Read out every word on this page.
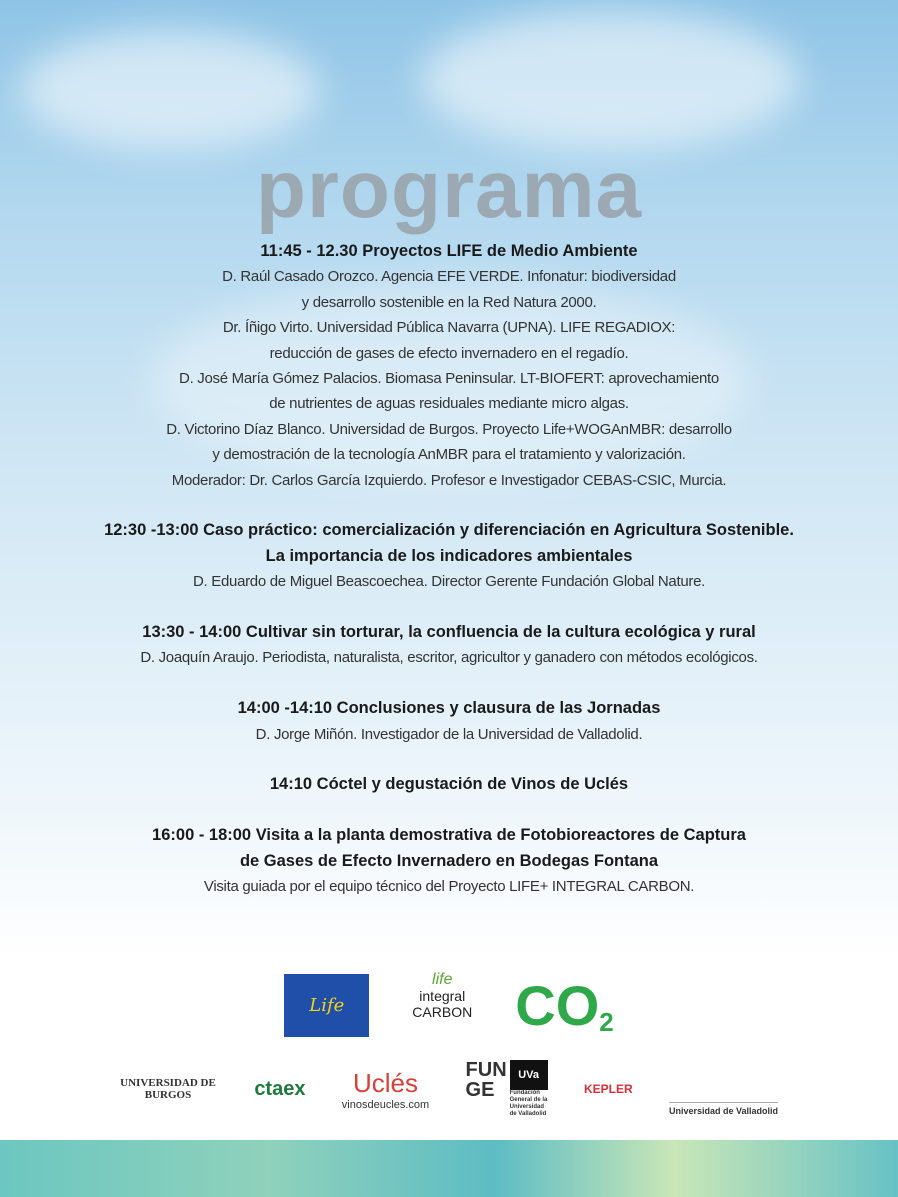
programa
11:45 - 12.30 Proyectos LIFE de Medio Ambiente
D. Raúl Casado Orozco. Agencia EFE VERDE. Infonatur: biodiversidad
y desarrollo sostenible en la Red Natura 2000.
Dr. Íñigo Virto. Universidad Pública Navarra (UPNA). LIFE REGADIOX:
reducción de gases de efecto invernadero en el regadío.
D. José María Gómez Palacios. Biomasa Peninsular. LT-BIOFERT: aprovechamiento
de nutrientes de aguas residuales mediante micro algas.
D. Victorino Díaz Blanco. Universidad de Burgos. Proyecto Life+WOGAnMBR: desarrollo
y demostración de la tecnología AnMBR para el tratamiento y valorización.
Moderador: Dr. Carlos García Izquierdo. Profesor e Investigador CEBAS-CSIC, Murcia.
12:30 -13:00 Caso práctico: comercialización y diferenciación en Agricultura Sostenible.
La importancia de los indicadores ambientales
D. Eduardo de Miguel Beascoechea. Director Gerente Fundación Global Nature.
13:30 - 14:00 Cultivar sin torturar, la confluencia de la cultura ecológica y rural
D. Joaquín Araujo. Periodista, naturalista, escritor, agricultor y ganadero con métodos ecológicos.
14:00 -14:10 Conclusiones y clausura de las Jornadas
D. Jorge Miñón. Investigador de la Universidad de Valladolid.
14:10 Cóctel y degustación de Vinos de Uclés
16:00 - 18:00 Visita a la planta demostrativa de Fotobioreactores de Captura
de Gases de Efecto Invernadero en Bodegas Fontana
Visita guiada por el equipo técnico del Proyecto LIFE+ INTEGRAL CARBON.
Life
life
integral
CARBON C O 2
UNIVERSIDAD DE BURGOS	ctaex	Uclés
vinosdeucles.com
FUN
GE
UVa
Fundación General de la Universidad de Valladolid
KEPLER
Universidad de Valladolid
